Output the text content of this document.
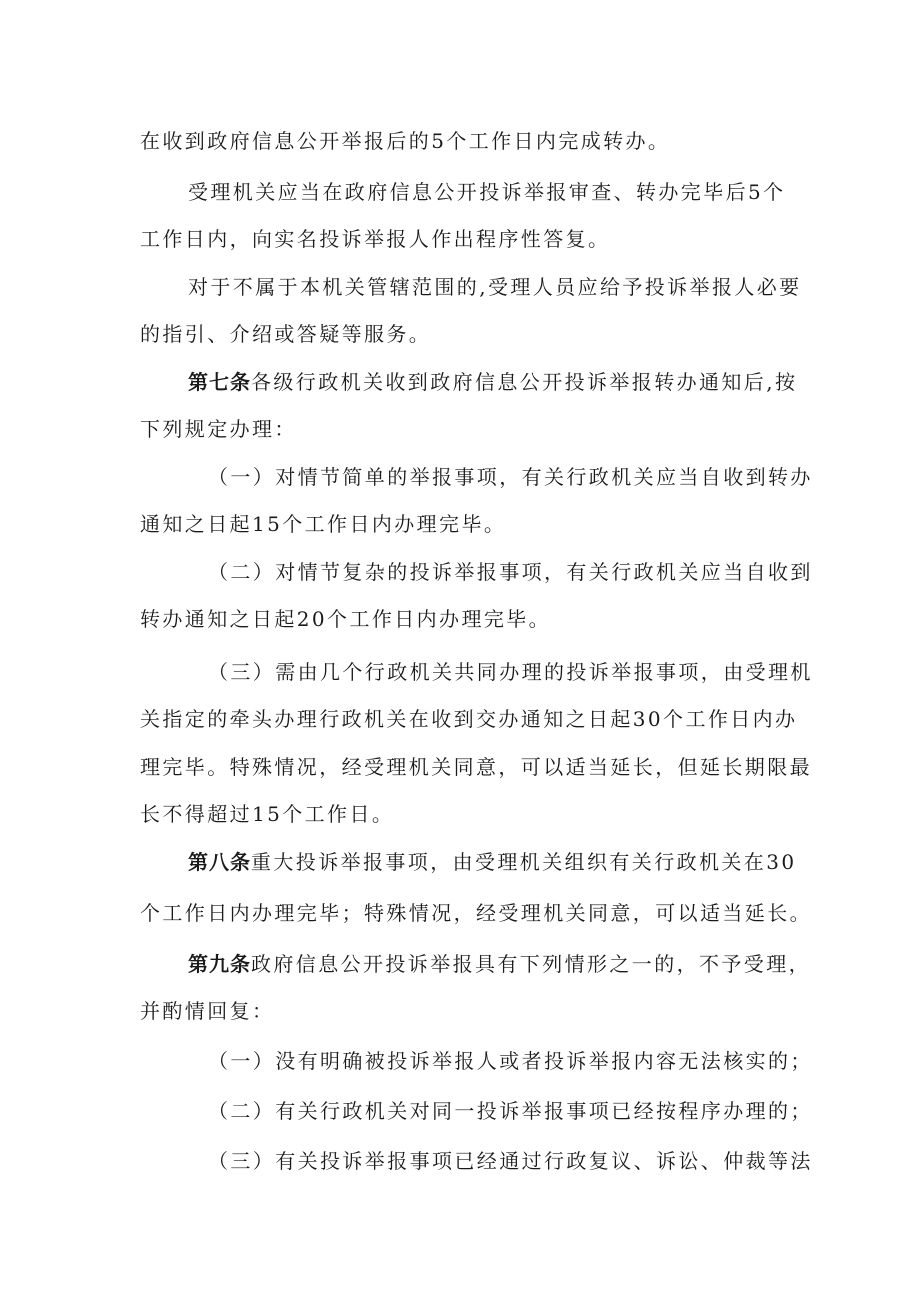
在收到政府信息公开举报后的5个工作日内完成转办。
受理机关应当在政府信息公开投诉举报审查、转办完毕后5个
工作日内，向实名投诉举报人作出程序性答复。
对于不属于本机关管辖范围的,受理人员应给予投诉举报人必要
的指引、介绍或答疑等服务。
第七条各级行政机关收到政府信息公开投诉举报转办通知后,按
下列规定办理：
（一）对情节简单的举报事项，有关行政机关应当自收到转办
通知之日起15个工作日内办理完毕。
（二）对情节复杂的投诉举报事项，有关行政机关应当自收到
转办通知之日起20个工作日内办理完毕。
（三）需由几个行政机关共同办理的投诉举报事项，由受理机
关指定的牵头办理行政机关在收到交办通知之日起30个工作日内办
理完毕。特殊情况，经受理机关同意，可以适当延长，但延长期限最
长不得超过15个工作日。
第八条重大投诉举报事项，由受理机关组织有关行政机关在30
个工作日内办理完毕；特殊情况，经受理机关同意，可以适当延长。
第九条政府信息公开投诉举报具有下列情形之一的，不予受理，
并酌情回复：
（一）没有明确被投诉举报人或者投诉举报内容无法核实的；
（二）有关行政机关对同一投诉举报事项已经按程序办理的；
（三）有关投诉举报事项已经通过行政复议、诉讼、仲裁等法
